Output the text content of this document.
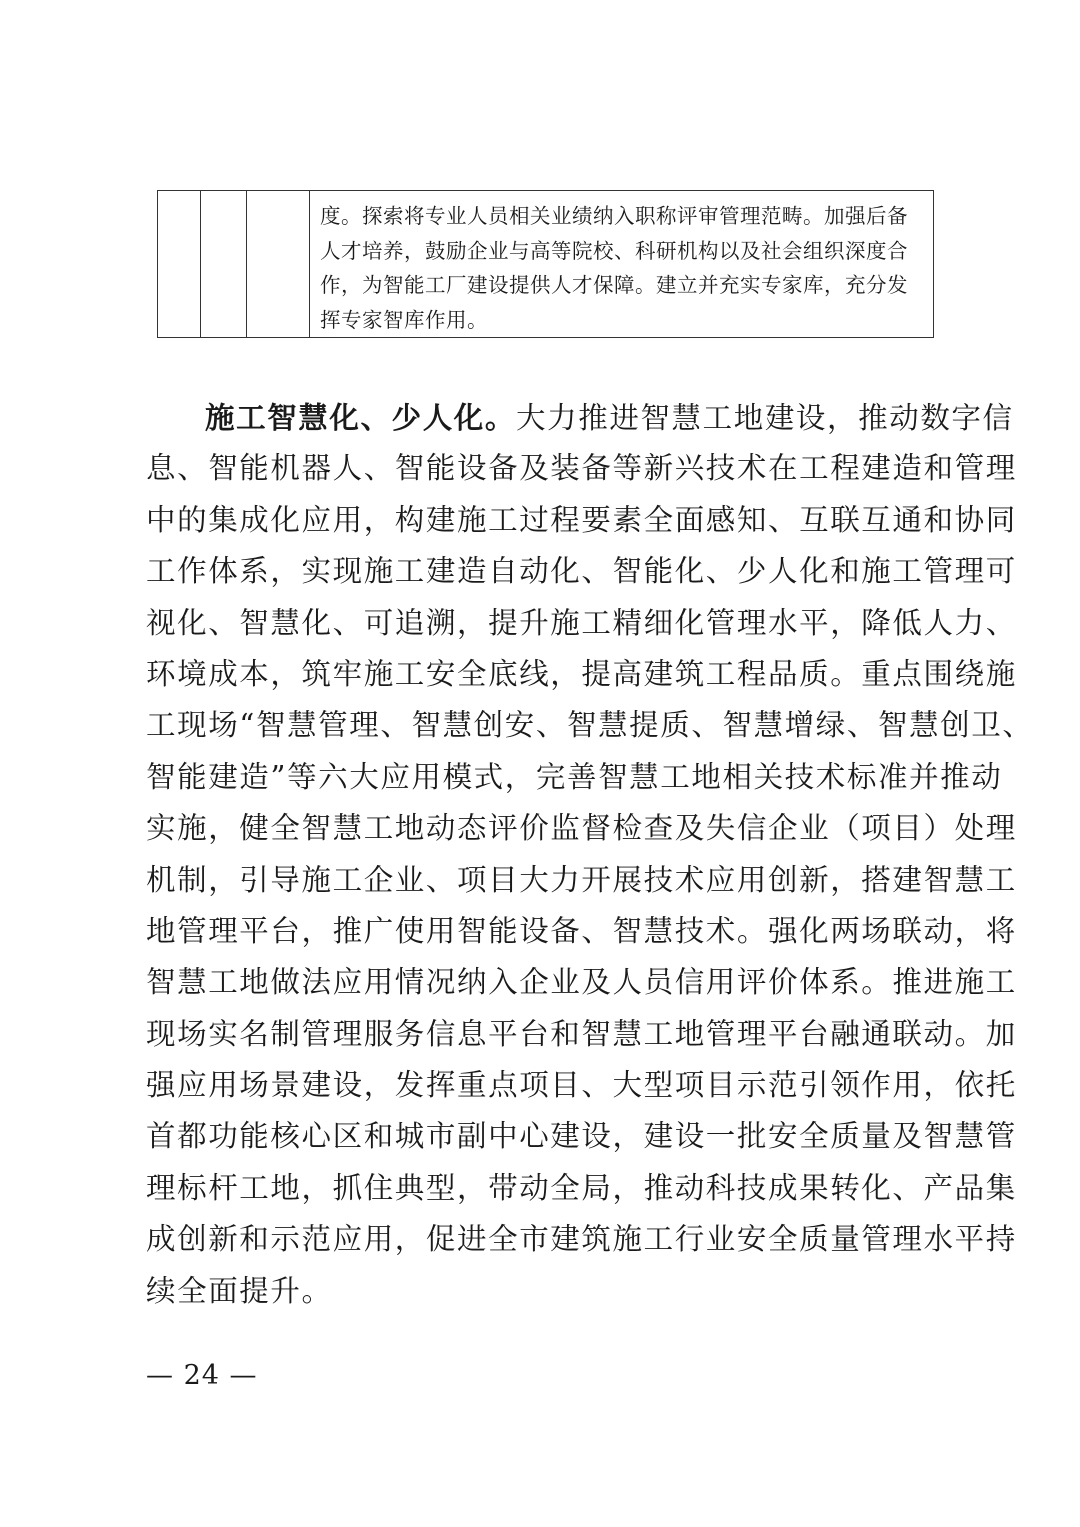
度。探索将专业人员相关业绩纳入职称评审管理范畴。加强后备
人才培养，鼓励企业与高等院校、科研机构以及社会组织深度合
作，为智能工厂建设提供人才保障。建立并充实专家库，充分发
挥专家智库作用。
施工智慧化、少人化。大力推进智慧工地建设，推动数字信
息、智能机器人、智能设备及装备等新兴技术在工程建造和管理
中的集成化应用，构建施工过程要素全面感知、互联互通和协同
工作体系，实现施工建造自动化、智能化、少人化和施工管理可
视化、智慧化、可追溯，提升施工精细化管理水平，降低人力、
环境成本，筑牢施工安全底线，提高建筑工程品质。重点围绕施
工现场“智慧管理、智慧创安、智慧提质、智慧增绿、智慧创卫、
智能建造”等六大应用模式，完善智慧工地相关技术标准并推动
实施，健全智慧工地动态评价监督检查及失信企业（项目）处理
机制，引导施工企业、项目大力开展技术应用创新，搭建智慧工
地管理平台，推广使用智能设备、智慧技术。强化两场联动，将
智慧工地做法应用情况纳入企业及人员信用评价体系。推进施工
现场实名制管理服务信息平台和智慧工地管理平台融通联动。加
强应用场景建设，发挥重点项目、大型项目示范引领作用，依托
首都功能核心区和城市副中心建设，建设一批安全质量及智慧管
理标杆工地，抓住典型，带动全局，推动科技成果转化、产品集
成创新和示范应用，促进全市建筑施工行业安全质量管理水平持
续全面提升。
— 24 —
